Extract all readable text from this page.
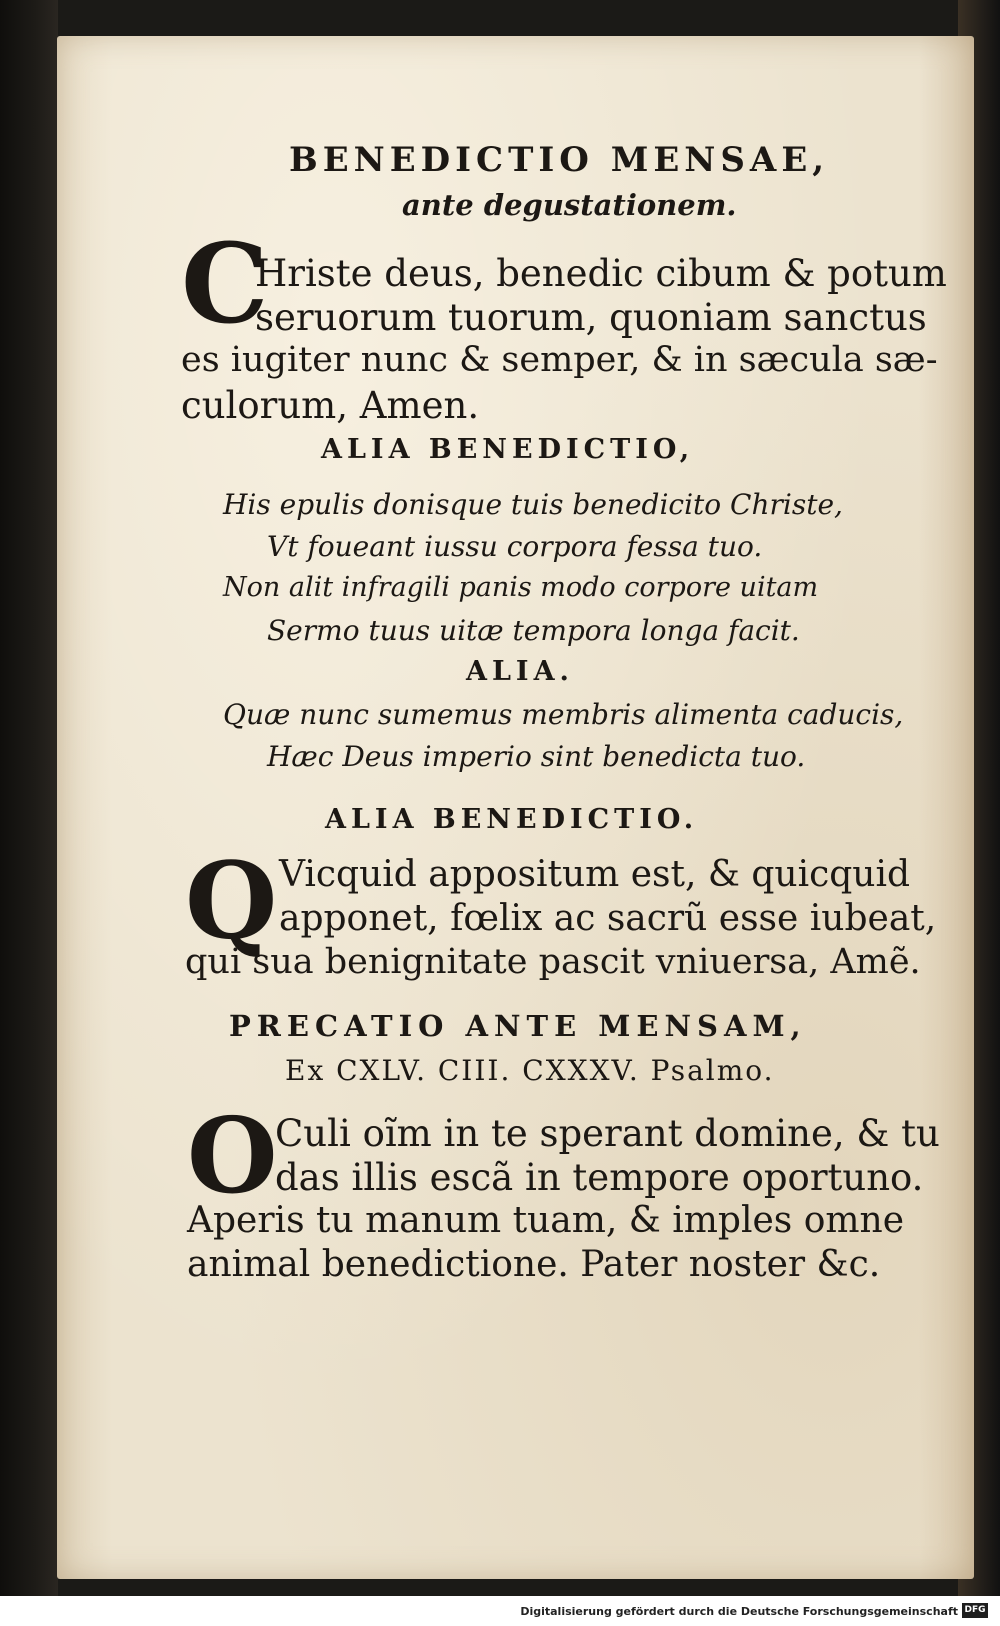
BENEDICTIO MENSAE,
ante degustationem.
C
Hriste deus, benedic cibum & potum
seruorum tuorum, quoniam sanctus
es iugiter nunc & semper, & in sæcula sæ-
culorum, Amen.
ALIA BENEDICTIO,
His epulis donisque tuis benedicito Christe,
Vt foueant iussu corpora fessa tuo.
Non alit infragili panis modo corpore uitam
Sermo tuus uitæ tempora longa facit.
ALIA.
Quæ nunc sumemus membris alimenta caducis,
Hæc Deus imperio sint benedicta tuo.
ALIA BENEDICTIO.
Q Vicquid appositum est, & quicquid
apponet, fœlix ac sacrũ esse iubeat,
qui sua benignitate pascit vniuersa, Amẽ.
PRECATIO ANTE MENSAM,
Ex CXLV. CIII. CXXXV. Psalmo.
O
Culi oĩm in te sperant domine, & tu
das illis escã in tempore oportuno.
Aperis tu manum tuam, & imples omne
animal benedictione. Pater noster &c.
Digitalisierung gefördert durch die Deutsche Forschungsgemeinschaft DFG
